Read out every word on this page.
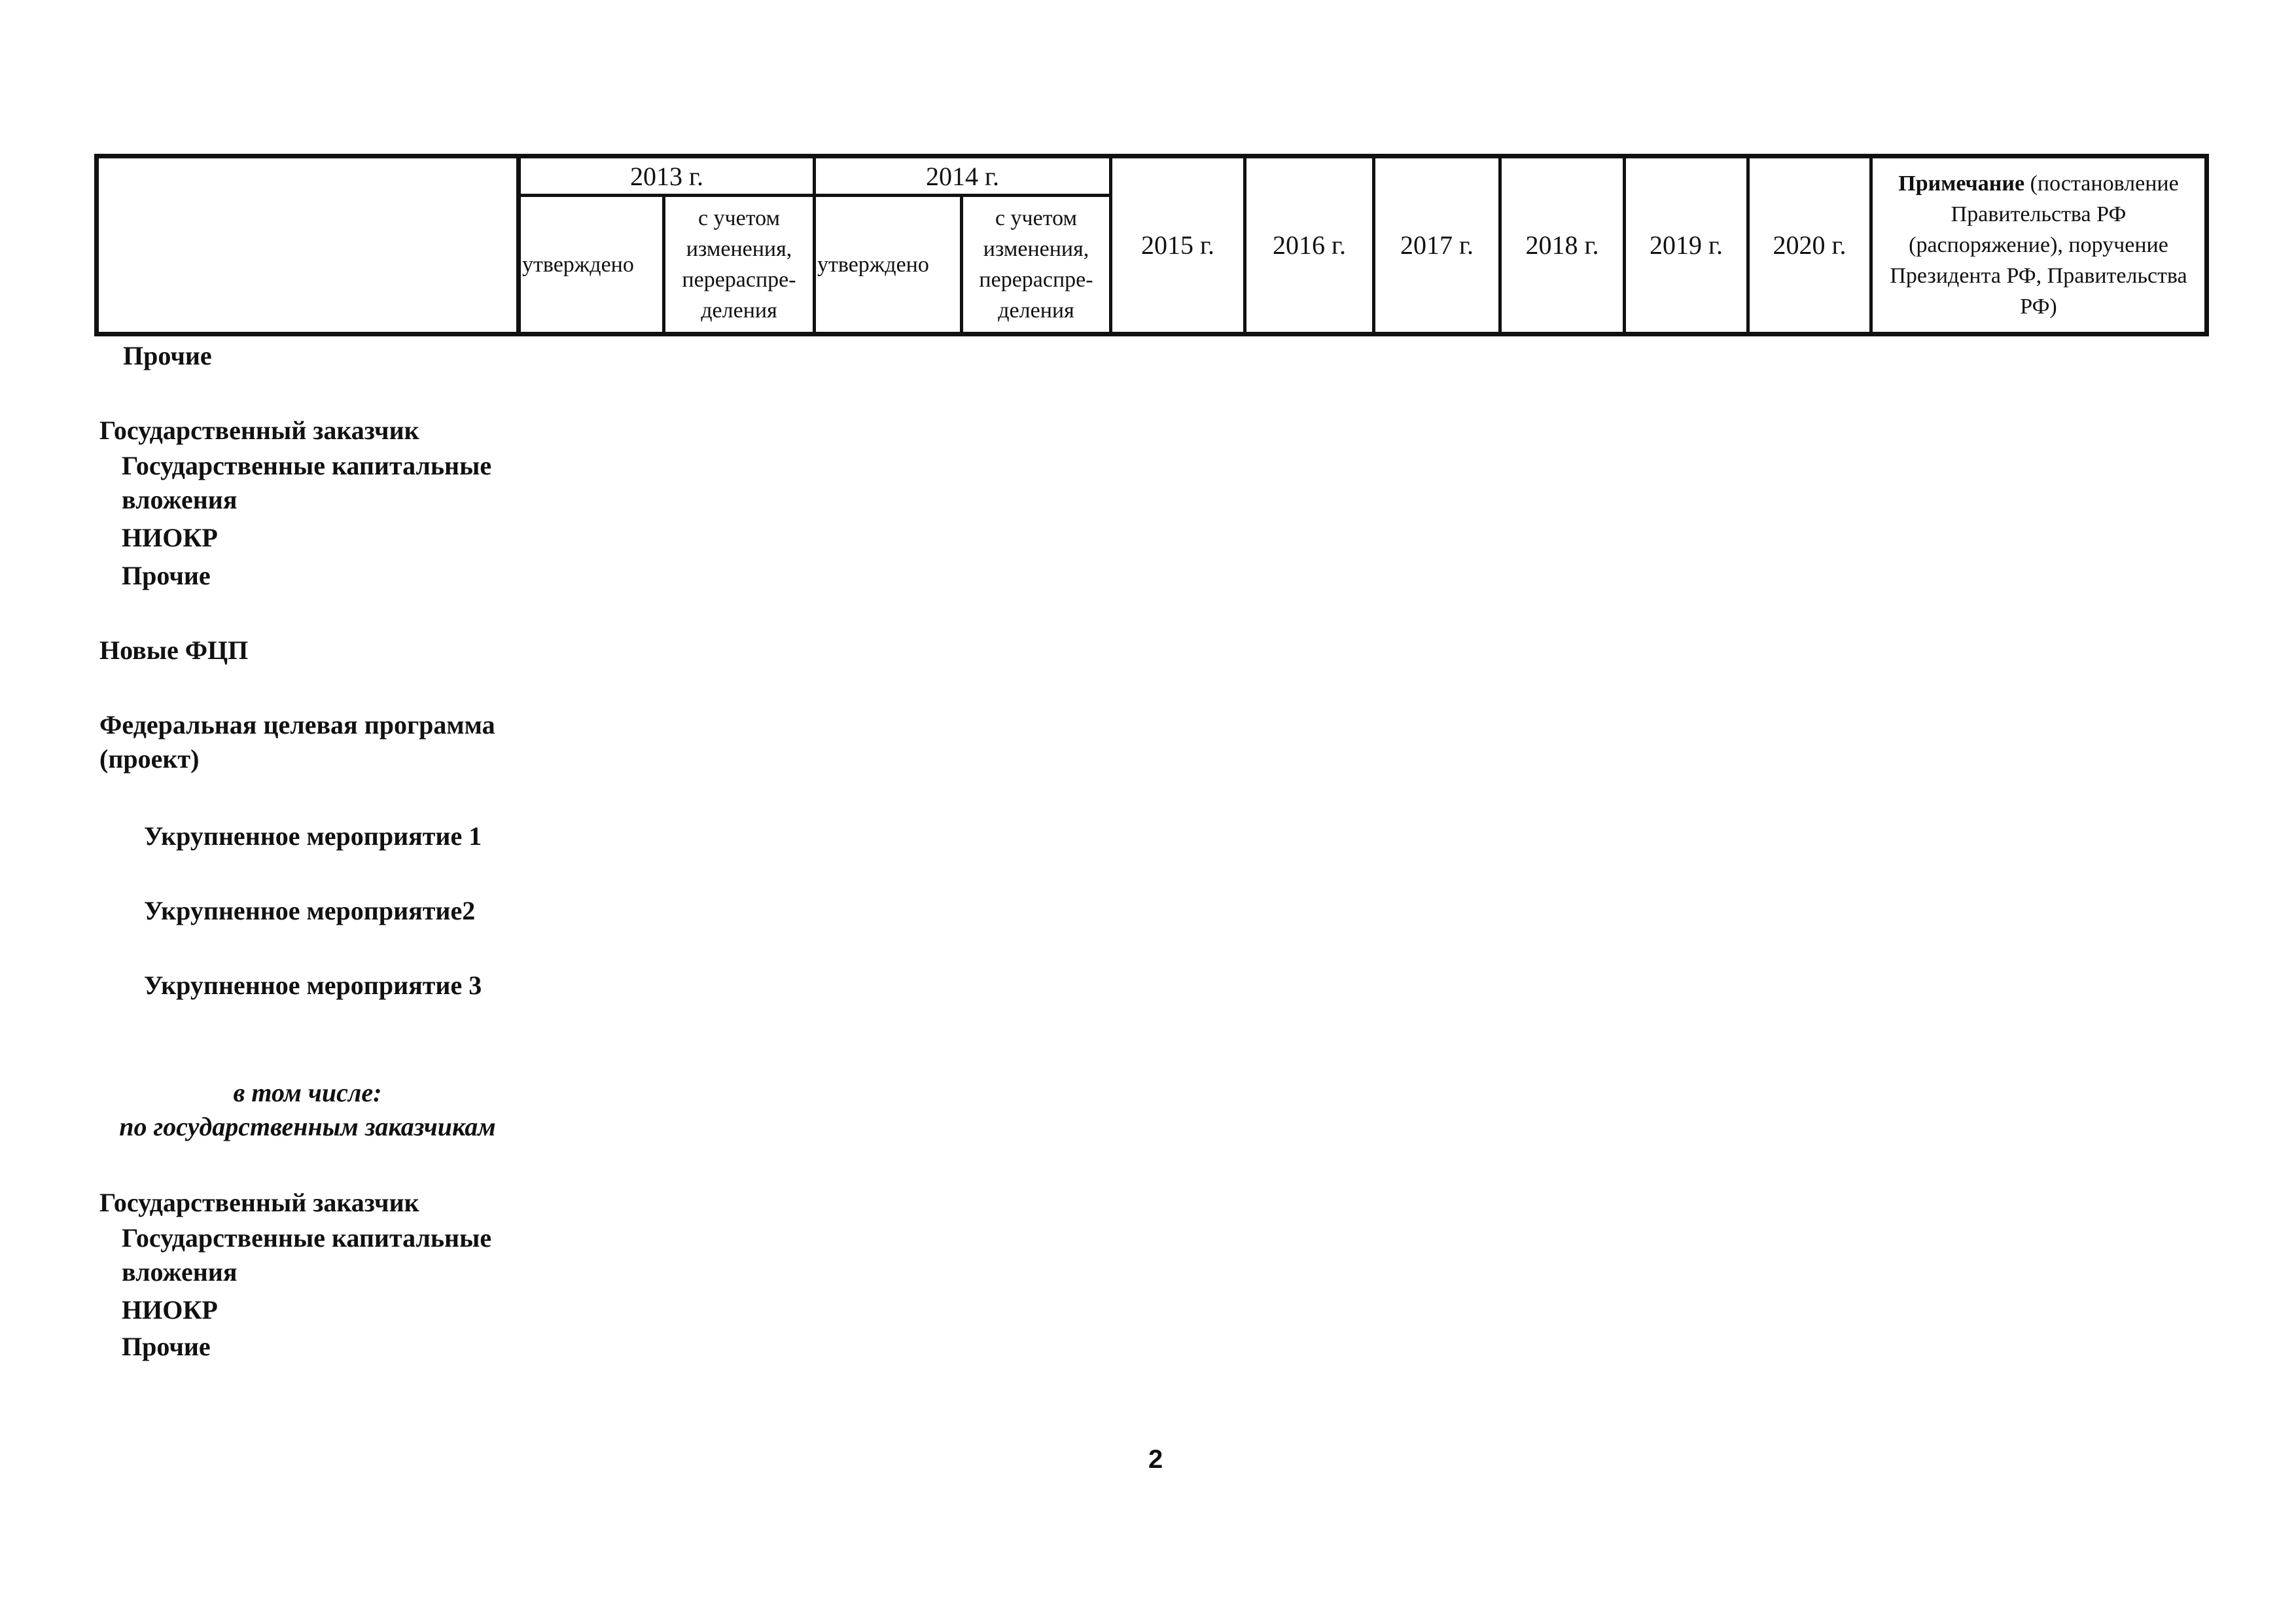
	2013 г.		2014 г.		2015 г.	2016 г.	2017 г.	2018 г.	2019 г.	2020 г.	Примечание (постановление Правительства РФ (распоряжение), поручение Президента РФ, Правительства РФ)
	утверждено	с учетом изменения, перераспре-деления	утверждено	с учетом изменения, перераспре-деления							
Прочие
Государственный заказчик
Государственные капитальные
вложения
НИОКР
Прочие
Новые ФЦП
Федеральная целевая программа
(проект)
Укрупненное мероприятие 1
Укрупненное мероприятие2
Укрупненное мероприятие 3
в том числе:
по государственным заказчикам
Государственный заказчик
Государственные капитальные
вложения
НИОКР
Прочие
2
